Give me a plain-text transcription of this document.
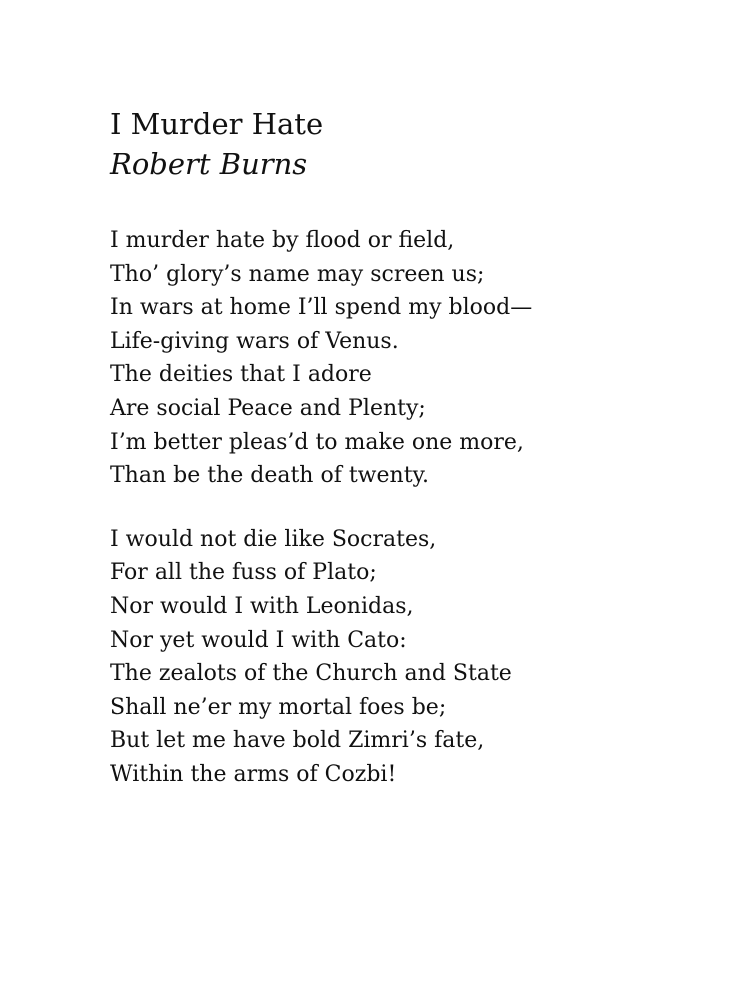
I Murder Hate
Robert Burns
I murder hate by flood or field,
Tho’ glory’s name may screen us;
In wars at home I’ll spend my blood—
Life-giving wars of Venus.
The deities that I adore
Are social Peace and Plenty;
I’m better pleas’d to make one more,
Than be the death of twenty.
I would not die like Socrates,
For all the fuss of Plato;
Nor would I with Leonidas,
Nor yet would I with Cato:
The zealots of the Church and State
Shall ne’er my mortal foes be;
But let me have bold Zimri’s fate,
Within the arms of Cozbi!
